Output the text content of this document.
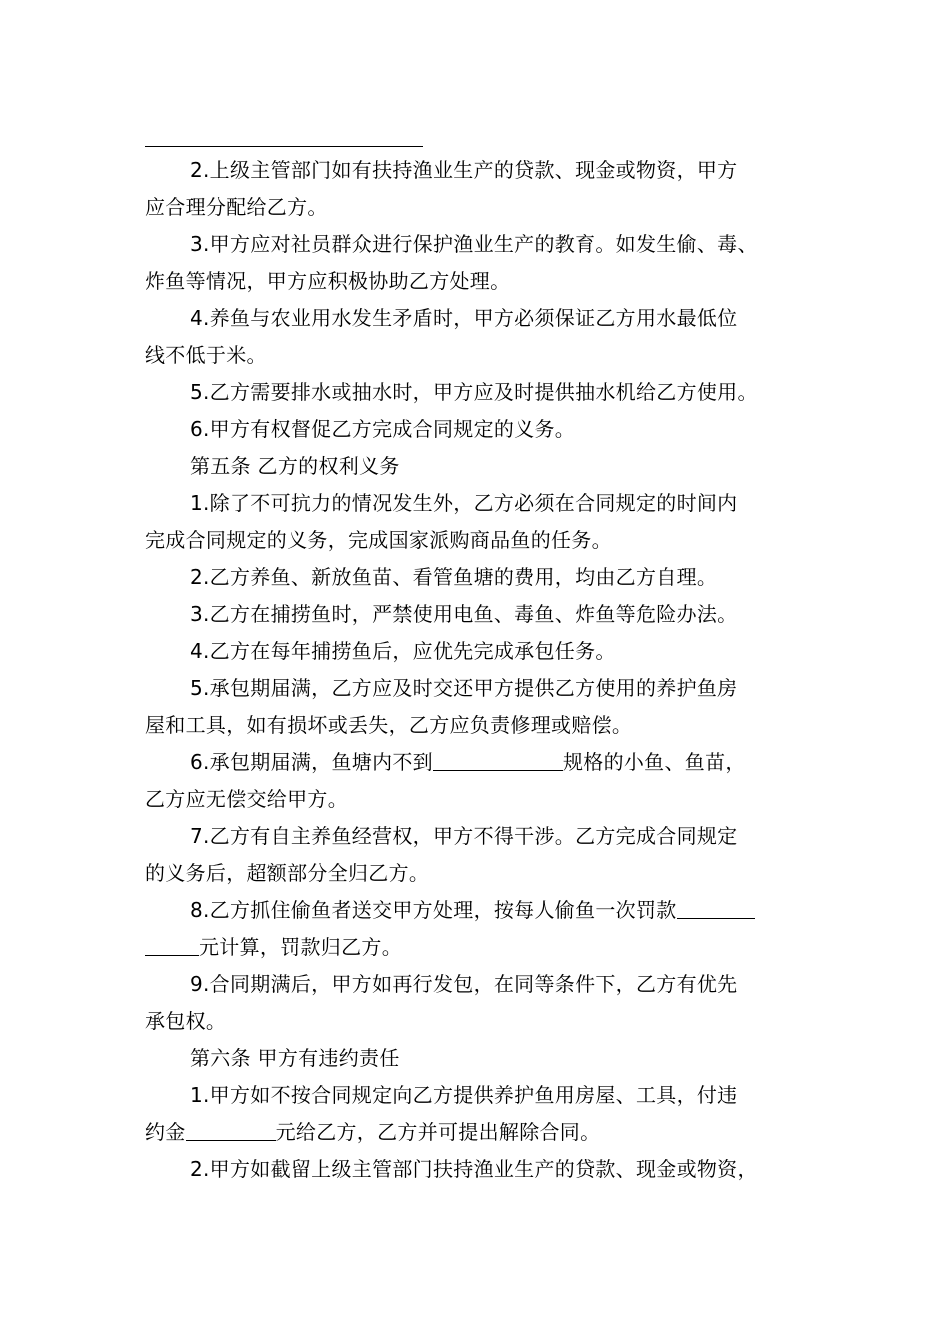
2.上级主管部门如有扶持渔业生产的贷款、现金或物资，甲方
应合理分配给乙方。
3.甲方应对社员群众进行保护渔业生产的教育。如发生偷、毒、
炸鱼等情况，甲方应积极协助乙方处理。
4.养鱼与农业用水发生矛盾时，甲方必须保证乙方用水最低位
线不低于米。
5.乙方需要排水或抽水时，甲方应及时提供抽水机给乙方使用。
6.甲方有权督促乙方完成合同规定的义务。
第五条 乙方的权利义务
1.除了不可抗力的情况发生外，乙方必须在合同规定的时间内
完成合同规定的义务，完成国家派购商品鱼的任务。
2.乙方养鱼、新放鱼苗、看管鱼塘的费用，均由乙方自理。
3.乙方在捕捞鱼时，严禁使用电鱼、毒鱼、炸鱼等危险办法。
4.乙方在每年捕捞鱼后，应优先完成承包任务。
5.承包期届满，乙方应及时交还甲方提供乙方使用的养护鱼房
屋和工具，如有损坏或丢失，乙方应负责修理或赔偿。
6.承包期届满，鱼塘内不到	规格的小鱼、鱼苗，
乙方应无偿交给甲方。
7.乙方有自主养鱼经营权，甲方不得干涉。乙方完成合同规定
的义务后，超额部分全归乙方。
8.乙方抓住偷鱼者送交甲方处理，按每人偷鱼一次罚款
元计算，罚款归乙方。
9.合同期满后，甲方如再行发包，在同等条件下，乙方有优先
承包权。
第六条 甲方有违约责任
1.甲方如不按合同规定向乙方提供养护鱼用房屋、工具，付违
约金	元给乙方，乙方并可提出解除合同。
2.甲方如截留上级主管部门扶持渔业生产的贷款、现金或物资，
